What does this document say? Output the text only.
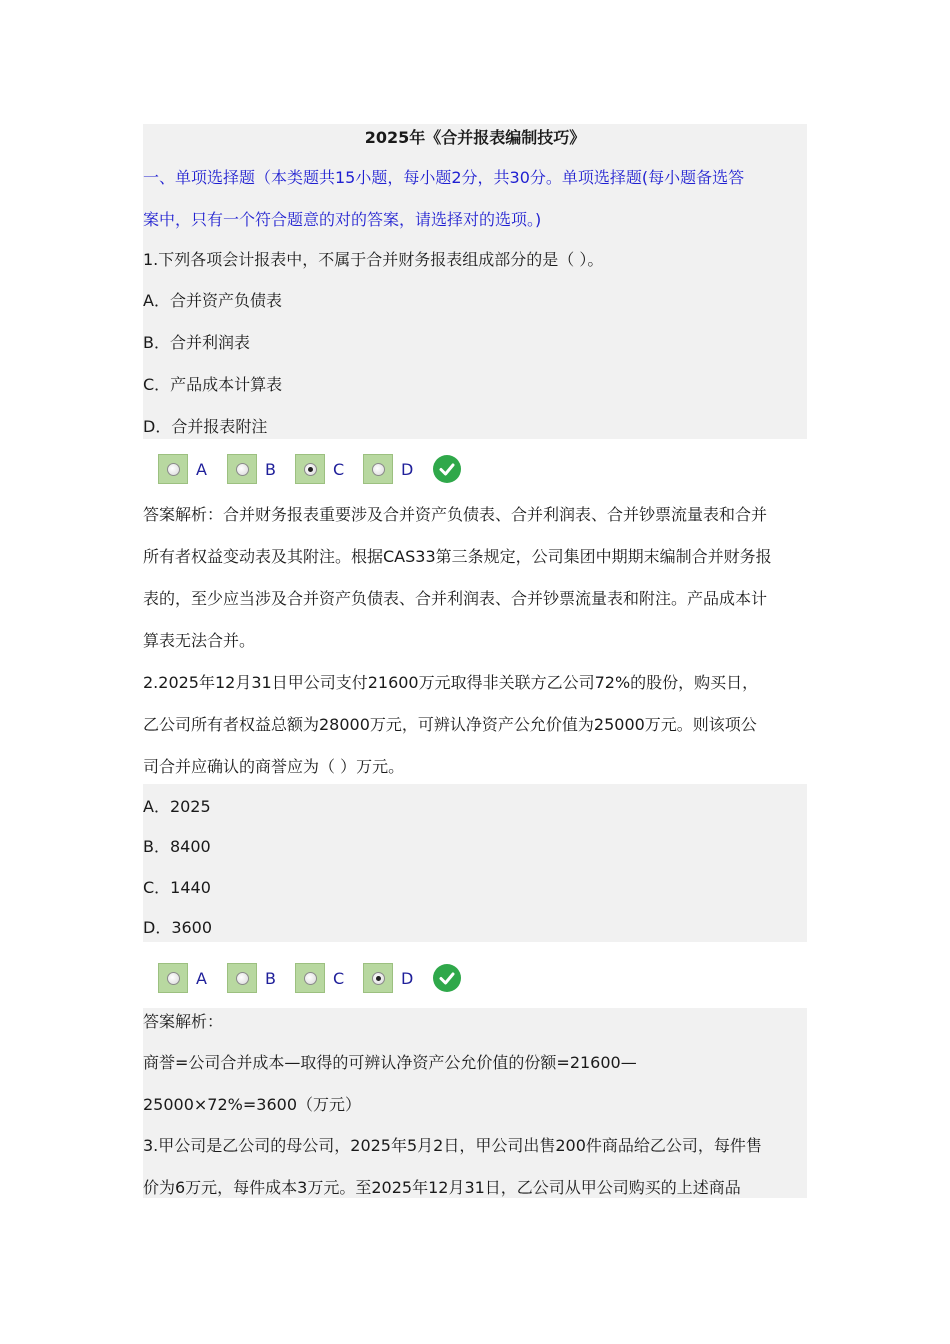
2025年《合并报表编制技巧》
一、单项选择题（本类题共15小题，每小题2分，共30分。单项选择题(每小题备选答
案中，只有一个符合题意的对的答案，请选择对的选项。)
1.下列各项会计报表中，不属于合并财务报表组成部分的是（ ）。
A．合并资产负债表
B．合并利润表
C．产品成本计算表
D．合并报表附注
A	B	C	D
答案解析：合并财务报表重要涉及合并资产负债表、合并利润表、合并钞票流量表和合并
所有者权益变动表及其附注。根据CAS33第三条规定，公司集团中期期末编制合并财务报
表的，至少应当涉及合并资产负债表、合并利润表、合并钞票流量表和附注。产品成本计
算表无法合并。
2.2025年12月31日甲公司支付21600万元取得非关联方乙公司72%的股份，购买日，
乙公司所有者权益总额为28000万元，可辨认净资产公允价值为25000万元。则该项公
司合并应确认的商誉应为（ ）万元。
A．2025
B．8400
C．1440
D．3600
A	B	C	D
答案解析：
商誉=公司合并成本—取得的可辨认净资产公允价值的份额=21600—
25000×72%=3600（万元）
3.甲公司是乙公司的母公司，2025年5月2日，甲公司出售200件商品给乙公司，每件售
价为6万元，每件成本3万元。至2025年12月31日，乙公司从甲公司购买的上述商品
